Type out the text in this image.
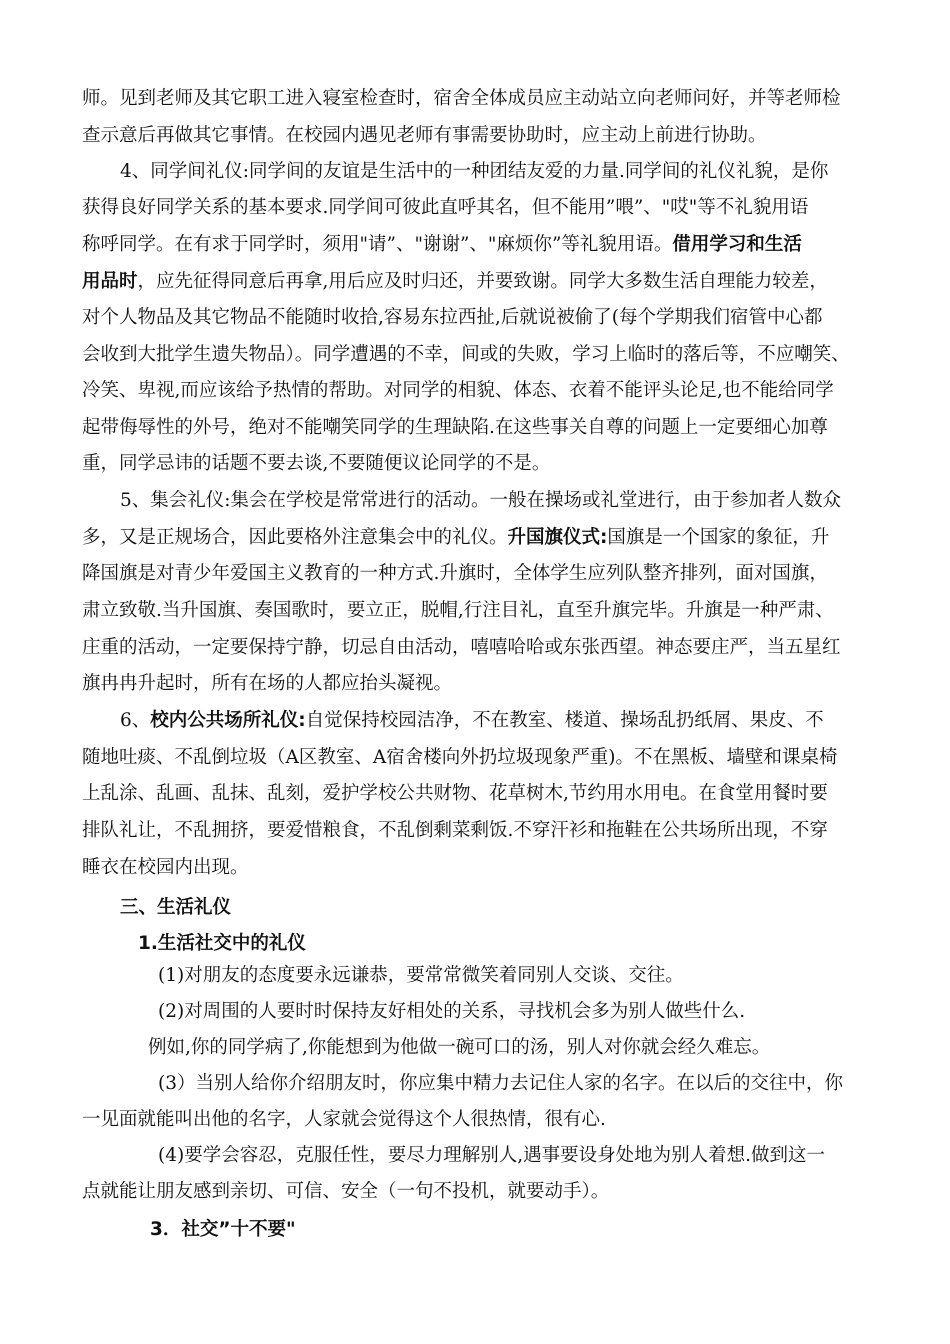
师。见到老师及其它职工进入寝室检查时，宿舍全体成员应主动站立向老师问好，并等老师检
查示意后再做其它事情。在校园内遇见老师有事需要协助时，应主动上前进行协助。
4、同学间礼仪:同学间的友谊是生活中的一种团结友爱的力量.同学间的礼仪礼貌，是你
获得良好同学关系的基本要求.同学间可彼此直呼其名，但不能用”喂”、"哎"等不礼貌用语
称呼同学。在有求于同学时，须用"请”、"谢谢”、"麻烦你”等礼貌用语。借用学习和生活
用品时，应先征得同意后再拿,用后应及时归还，并要致谢。同学大多数生活自理能力较差，
对个人物品及其它物品不能随时收拾,容易东拉西扯,后就说被偷了(每个学期我们宿管中心都
会收到大批学生遗失物品）。同学遭遇的不幸，间或的失败，学习上临时的落后等，不应嘲笑、
冷笑、卑视,而应该给予热情的帮助。对同学的相貌、体态、衣着不能评头论足,也不能给同学
起带侮辱性的外号，绝对不能嘲笑同学的生理缺陷.在这些事关自尊的问题上一定要细心加尊
重，同学忌讳的话题不要去谈,不要随便议论同学的不是。
5、集会礼仪:集会在学校是常常进行的活动。一般在操场或礼堂进行，由于参加者人数众
多，又是正规场合，因此要格外注意集会中的礼仪。升国旗仪式:国旗是一个国家的象征，升
降国旗是对青少年爱国主义教育的一种方式.升旗时，全体学生应列队整齐排列，面对国旗，
肃立致敬.当升国旗、奏国歌时，要立正，脱帽,行注目礼，直至升旗完毕。升旗是一种严肃、
庄重的活动，一定要保持宁静，切忌自由活动，嘻嘻哈哈或东张西望。神态要庄严，当五星红
旗冉冉升起时，所有在场的人都应抬头凝视。
6、校内公共场所礼仪:自觉保持校园洁净，不在教室、楼道、操场乱扔纸屑、果皮、不
随地吐痰、不乱倒垃圾（A区教室、A宿舍楼向外扔垃圾现象严重)。不在黑板、墙壁和课桌椅
上乱涂、乱画、乱抹、乱刻，爱护学校公共财物、花草树木,节约用水用电。在食堂用餐时要
排队礼让，不乱拥挤，要爱惜粮食，不乱倒剩菜剩饭.不穿汗衫和拖鞋在公共场所出现，不穿
睡衣在校园内出现。
三、生活礼仪
1.生活社交中的礼仪
(1)对朋友的态度要永远谦恭，要常常微笑着同别人交谈、交往。
(2)对周围的人要时时保持友好相处的关系，寻找机会多为别人做些什么.
例如,你的同学病了,你能想到为他做一碗可口的汤，别人对你就会经久难忘。
(3）当别人给你介绍朋友时，你应集中精力去记住人家的名字。在以后的交往中，你
一见面就能叫出他的名字，人家就会觉得这个人很热情，很有心.
(4)要学会容忍，克服任性，要尽力理解别人,遇事要设身处地为别人着想.做到这一
点就能让朋友感到亲切、可信、安全（一句不投机，就要动手）。
3．社交”十不要"
